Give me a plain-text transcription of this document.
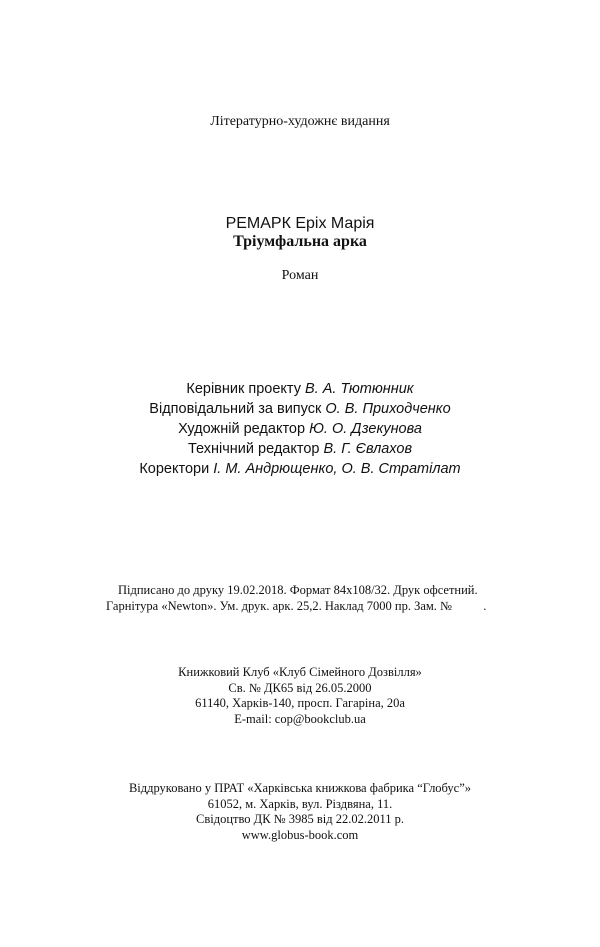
Літературно-художнє видання
РЕМАРК Еріх Марія
Тріумфальна арка
Роман
Керівник проекту В. А. Тютюнник
Відповідальний за випуск О. В. Приходченко
Художній редактор Ю. О. Дзекунова
Технічний редактор В. Г. Євлахов
Коректори І. М. Андрющенко, О. В. Стратілат
Підписано до друку 19.02.2018. Формат 84х108/32. Друк офсетний.
Гарнітура «Newton». Ум. друк. арк. 25,2. Наклад 7000 пр. Зам. №          .
Книжковий Клуб «Клуб Сімейного Дозвілля»
Св. № ДК65 від 26.05.2000
61140, Харків-140, просп. Гагаріна, 20а
E-mail: cop@bookclub.ua
Віддруковано у ПРАТ «Харківська книжкова фабрика “Глобус”»
61052, м. Харків, вул. Різдвяна, 11.
Свідоцтво ДК № 3985 від 22.02.2011 р.
www.globus-book.com
